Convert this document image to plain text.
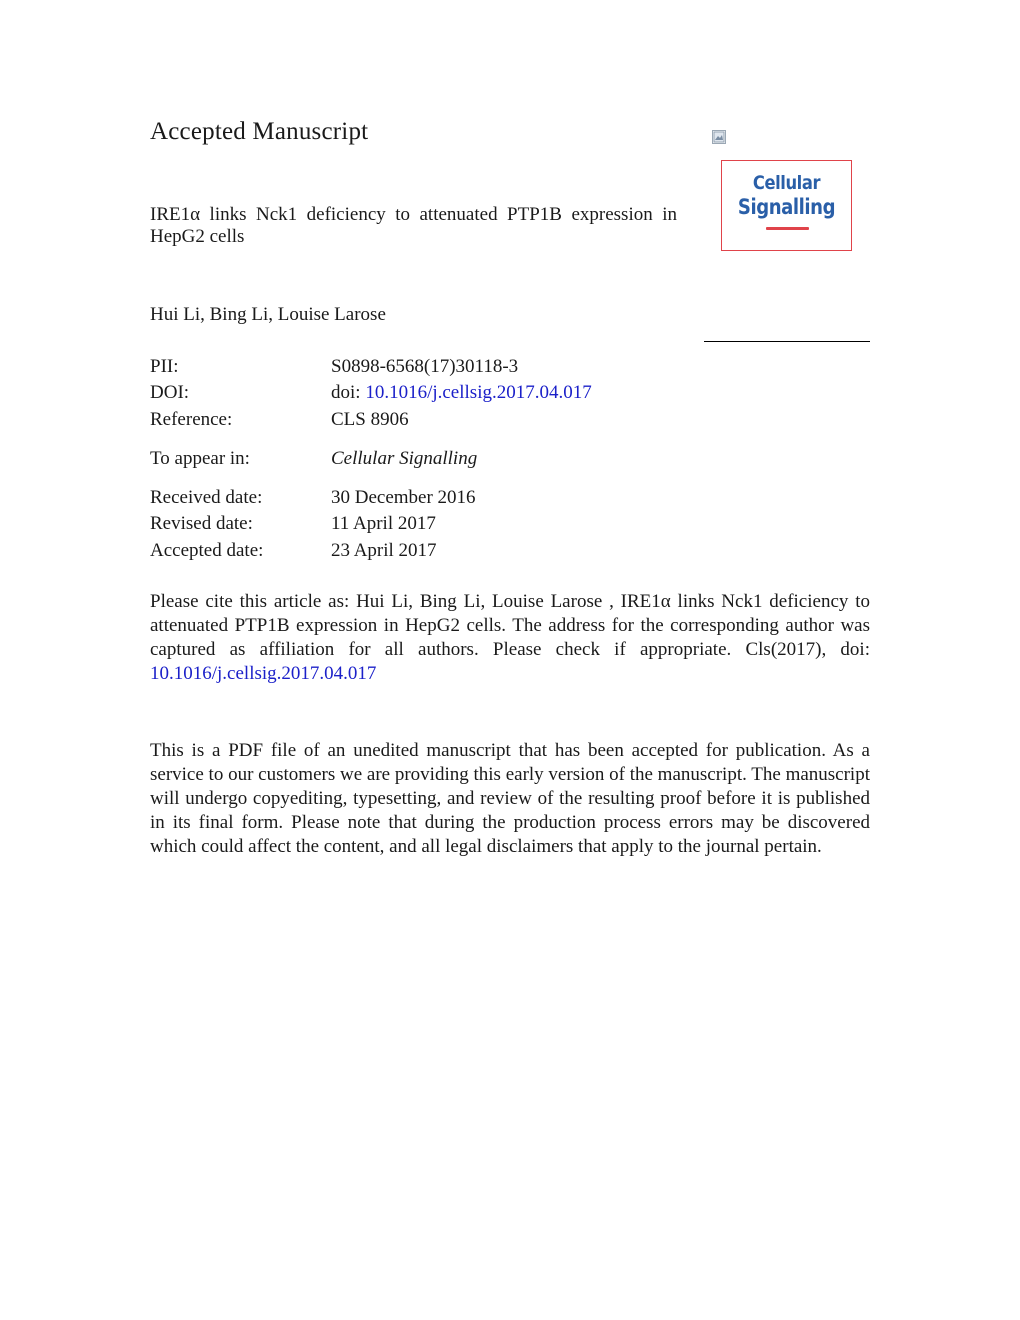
Accepted Manuscript
Cellular
Signalling
IRE1α links Nck1 deficiency to attenuated PTP1B expression in HepG2 cells
Hui Li, Bing Li, Louise Larose
PII:	S0898-6568(17)30118-3
DOI:	doi: 10.1016/j.cellsig.2017.04.017
Reference:	CLS 8906
To appear in:	Cellular Signalling
Received date:	30 December 2016
Revised date:	11 April 2017
Accepted date:	23 April 2017
Please cite this article as: Hui Li, Bing Li, Louise Larose , IRE1α links Nck1 deficiency to attenuated PTP1B expression in HepG2 cells. The address for the corresponding author was captured as affiliation for all authors. Please check if appropriate. Cls(2017), doi: 10.1016/j.cellsig.2017.04.017
This is a PDF file of an unedited manuscript that has been accepted for publication. As a service to our customers we are providing this early version of the manuscript. The manuscript will undergo copyediting, typesetting, and review of the resulting proof before it is published in its final form. Please note that during the production process errors may be discovered which could affect the content, and all legal disclaimers that apply to the journal pertain.
